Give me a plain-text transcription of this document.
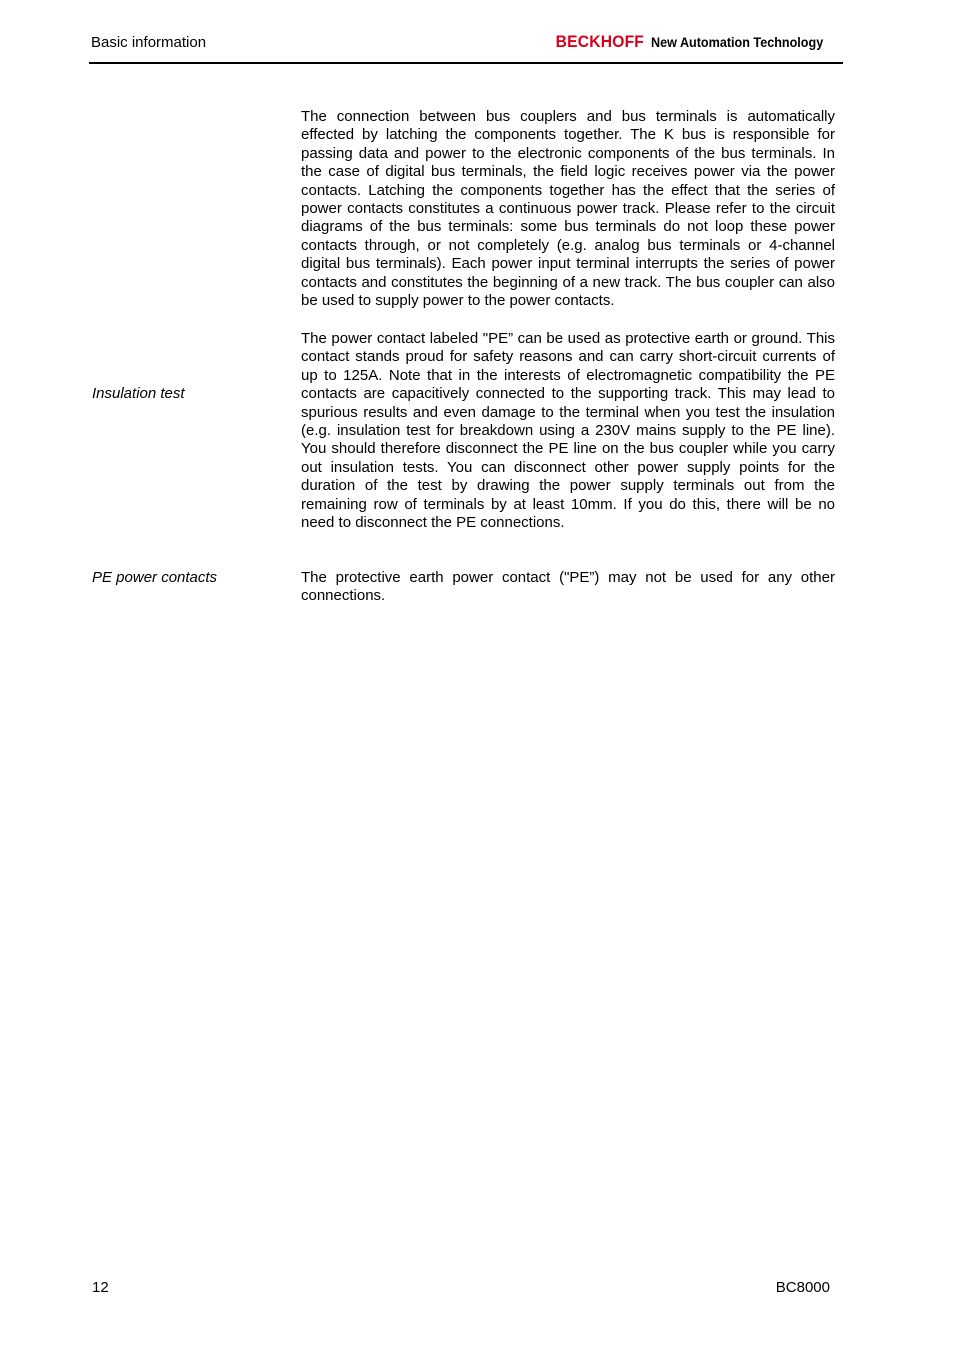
Basic information	BECKHOFF New Automation Technology
The connection between bus couplers and bus terminals is automatically effected by latching the components together. The K bus is responsible for passing data and power to the electronic components of the bus terminals. In the case of digital bus terminals, the field logic receives power via the power contacts. Latching the components together has the effect that the series of power contacts constitutes a continuous power track. Please refer to the circuit diagrams of the bus terminals: some bus terminals do not loop these power contacts through, or not completely (e.g. analog bus terminals or 4-channel digital bus terminals). Each power input terminal interrupts the series of power contacts and constitutes the beginning of a new track. The bus coupler can also be used to supply power to the power contacts.
Insulation test
The power contact labeled "PE” can be used as protective earth or ground. This contact stands proud for safety reasons and can carry short-circuit currents of up to 125A. Note that in the interests of electromagnetic compatibility the PE contacts are capacitively connected to the supporting track. This may lead to spurious results and even damage to the terminal when you test the insulation (e.g. insulation test for breakdown using a 230V mains supply to the PE line). You should therefore disconnect the PE line on the bus coupler while you carry out insulation tests. You can disconnect other power supply points for the duration of the test by drawing the power supply terminals out from the remaining row of terminals by at least 10mm. If you do this, there will be no need to disconnect the PE connections.
PE power contacts	The protective earth power contact ("PE”) may not be used for any other connections.
12	BC8000
